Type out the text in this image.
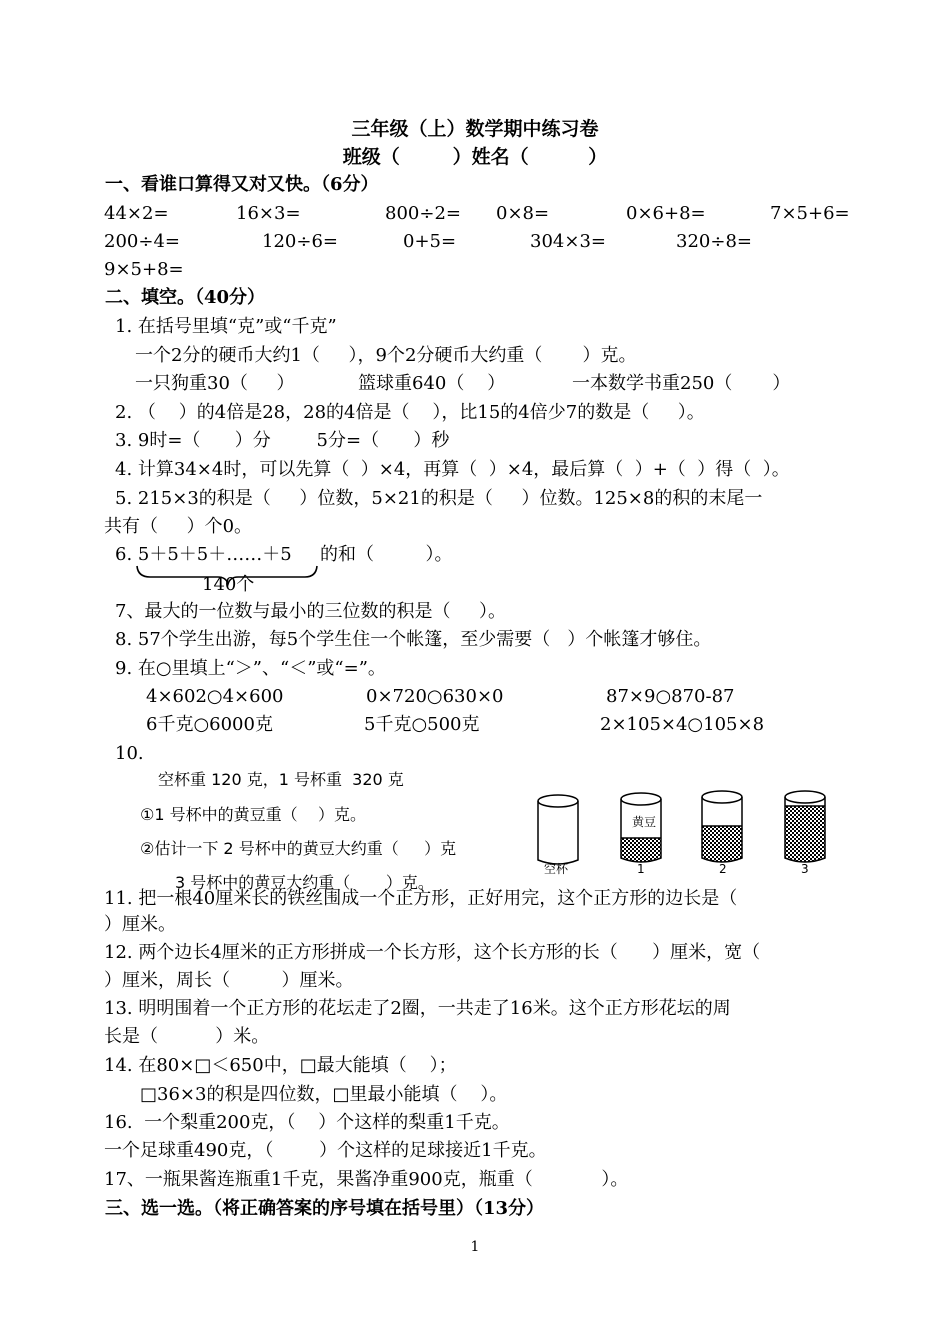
三年级（上）数学期中练习卷
班级（        ）姓名（         ）
一、看谁口算得又对又快。（6分）
44×2=	16×3=	800÷2= 0×8=	0×6+8=	7×5+6=
200÷4=	120÷6=	0+5=	304×3=	320÷8=
9×5+8=
二、填空。（40分）
1. 在括号里填“克”或“千克”
一个2分的硬币大约1（     ），9个2分硬币大约重（       ）克。
一只狗重30（     ）	篮球重640（    ）	一本数学书重250（       ）
2. （    ）的4倍是28，28的4倍是（    ），比15的4倍少7的数是（     ）。
3. 9时=（      ）分        5分=（      ）秒
4. 计算34×4时，可以先算（  ）×4，再算（  ）×4，最后算（  ）+（  ）得（  ）。
5. 215×3的积是（     ）位数，5×21的积是（     ）位数。125×8的积的末尾一
共有（     ）个0。
6. 5＋5＋5＋……＋5 的和（         ）。
140个
7、最大的一位数与最小的三位数的积是（     ）。
8. 57个学生出游，每5个学生住一个帐篷，至少需要（   ）个帐篷才够住。
9. 在○里填上“＞”、“＜”或“=”。
4×602○4×600	0×720○630×0	87×9○870-87
6千克○6000克	5千克○500克	2×105×4○105×8
10.
空杯重 120 克，1 号杯重  320 克
①1 号杯中的黄豆重（    ）克。
②估计一下 2 号杯中的黄豆大约重（     ）克
3 号杯中的黄豆大约重（       ）克。
黄豆
空杯	1	2	3
11. 把一根40厘米长的铁丝围成一个正方形，正好用完，这个正方形的边长是（
）厘米。
12. 两个边长4厘米的正方形拼成一个长方形，这个长方形的长（      ）厘米，宽（
）厘米，周长（         ）厘米。
13. 明明围着一个正方形的花坛走了2圈，一共走了16米。这个正方形花坛的周
长是（          ）米。
14. 在80×□＜650中，□最大能填（    ）；
□36×3的积是四位数，□里最小能填（    ）。
16.  一个梨重200克，（    ）个这样的梨重1千克。
一个足球重490克，（        ）个这样的足球接近1千克。
17、一瓶果酱连瓶重1千克，果酱净重900克，瓶重（            ）。
三、选一选。（将正确答案的序号填在括号里）（13分）
1
